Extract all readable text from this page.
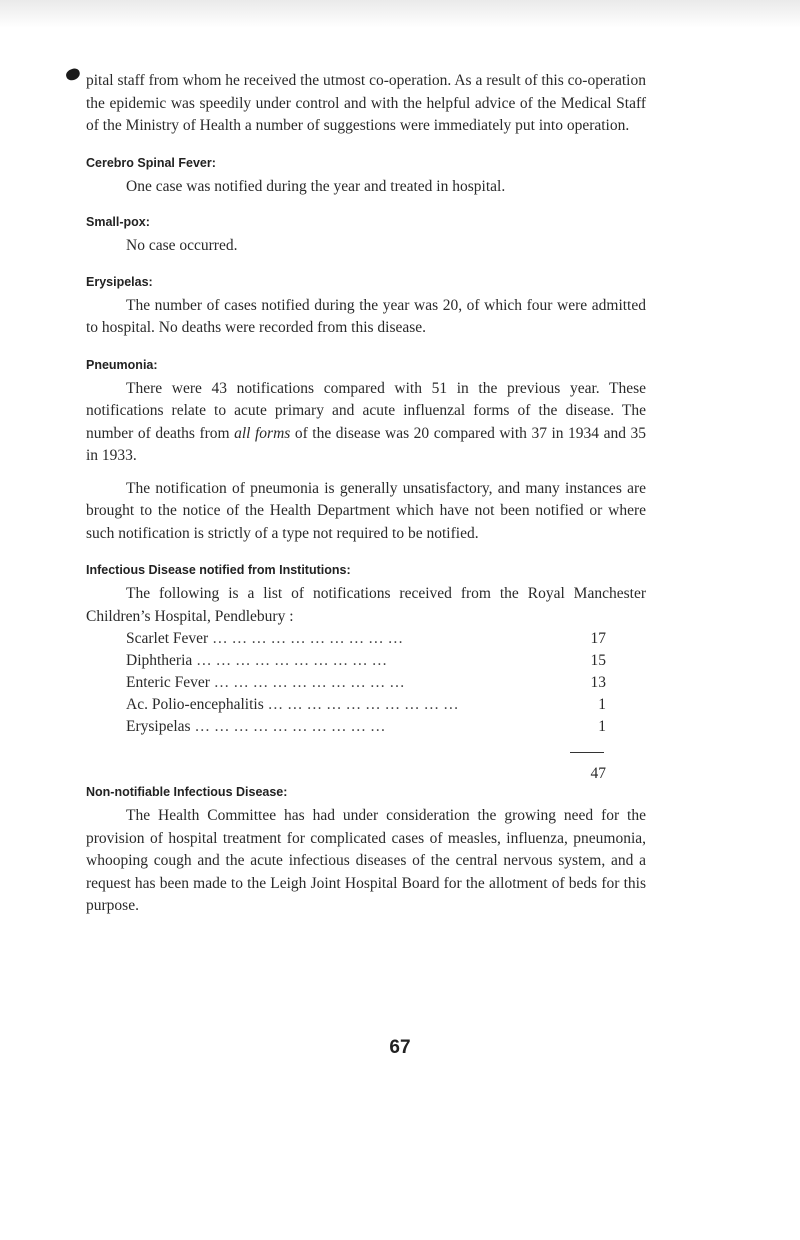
pital staff from whom he received the utmost co-operation. As a result of this co-operation the epidemic was speedily under control and with the helpful advice of the Medical Staff of the Ministry of Health a number of suggestions were immediately put into operation.

Cerebro Spinal Fever:

One case was notified during the year and treated in hospital.

Small-pox:

No case occurred.

Erysipelas:

The number of cases notified during the year was 20, of which four were admitted to hospital. No deaths were recorded from this disease.

Pneumonia:

There were 43 notifications compared with 51 in the previous year. These notifications relate to acute primary and acute influenzal forms of the disease. The number of deaths from all forms of the disease was 20 compared with 37 in 1934 and 35 in 1933.

The notification of pneumonia is generally unsatisfactory, and many instances are brought to the notice of the Health Department which have not been notified or where such notification is strictly of a type not required to be notified.

Infectious Disease notified from Institutions:

The following is a list of notifications received from the Royal Manchester Children’s Hospital, Pendlebury :

Scarlet Fever …………………………	17
Diphtheria …………………………	15
Enteric Fever …………………………	13
Ac. Polio-encephalitis …………………………	1
Erysipelas …………………………	1
47
Non-notifiable Infectious Disease:

The Health Committee has had under consideration the growing need for the provision of hospital treatment for complicated cases of measles, influenza, pneumonia, whooping cough and the acute infectious diseases of the central nervous system, and a request has been made to the Leigh Joint Hospital Board for the allotment of beds for this purpose.

67
